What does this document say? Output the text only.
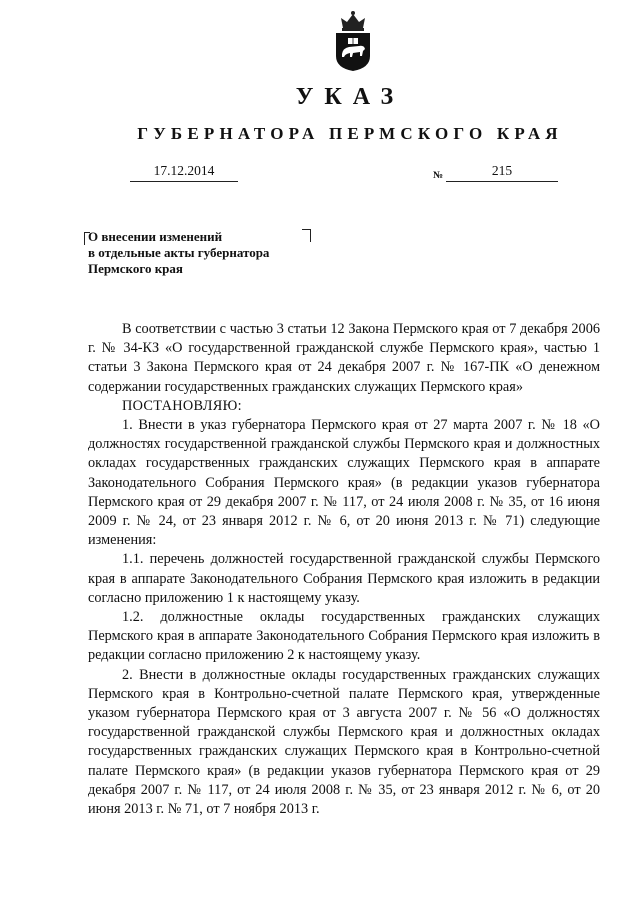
УКАЗ
ГУБЕРНАТОРА ПЕРМСКОГО КРАЯ
17.12.2014	№	215
О внесении изменений
в отдельные акты губернатора
Пермского края

В соответствии с частью 3 статьи 12 Закона Пермского края от 7 декабря 2006 г. № 34-КЗ «О государственной гражданской службе Пермского края», частью 1 статьи 3 Закона Пермского края от 24 декабря 2007 г. № 167-ПК «О денежном содержании государственных гражданских служащих Пермского края»

ПОСТАНОВЛЯЮ:

1. Внести в указ губернатора Пермского края от 27 марта 2007 г. № 18 «О должностях государственной гражданской службы Пермского края и должностных окладах государственных гражданских служащих Пермского края в аппарате Законодательного Собрания Пермского края» (в редакции указов губернатора Пермского края от 29 декабря 2007 г. № 117, от 24 июля 2008 г. № 35, от 16 июня 2009 г. № 24, от 23 января 2012 г. № 6, от 20 июня 2013 г. № 71) следующие изменения:

1.1. перечень должностей государственной гражданской службы Пермского края в аппарате Законодательного Собрания Пермского края изложить в редакции согласно приложению 1 к настоящему указу.

1.2. должностные оклады государственных гражданских служащих Пермского края в аппарате Законодательного Собрания Пермского края изложить в редакции согласно приложению 2 к настоящему указу.

2. Внести в должностные оклады государственных гражданских служащих Пермского края в Контрольно-счетной палате Пермского края, утвержденные указом губернатора Пермского края от 3 августа 2007 г. № 56 «О должностях государственной гражданской службы Пермского края и должностных окладах государственных гражданских служащих Пермского края в Контрольно-счетной палате Пермского края» (в редакции указов губернатора Пермского края от 29 декабря 2007 г. № 117, от 24 июля 2008 г. № 35, от 23 января 2012 г. № 6, от 20 июня 2013 г. № 71, от 7 ноября 2013 г.
